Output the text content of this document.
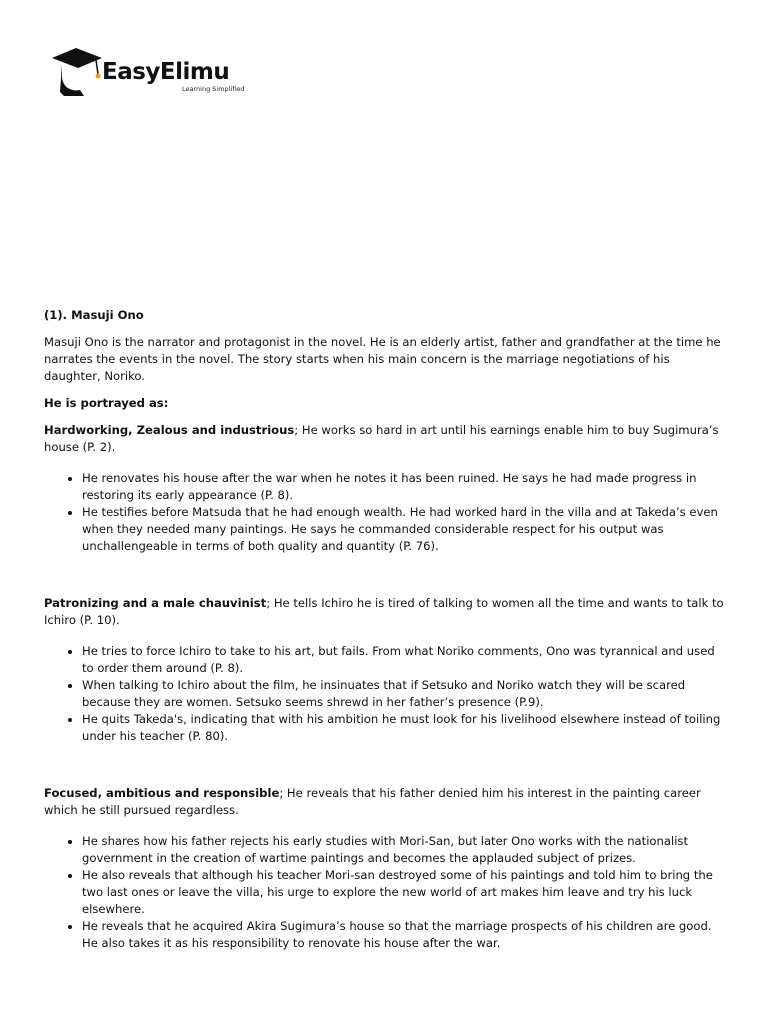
EasyElimu
Learning Simplified
(1). Masuji Ono

Masuji Ono is the narrator and protagonist in the novel. He is an elderly artist, father and grandfather at the time he narrates the events in the novel. The story starts when his main concern is the marriage negotiations of his daughter, Noriko.

He is portrayed as:

Hardworking, Zealous and industrious; He works so hard in art until his earnings enable him to buy Sugimura’s house (P. 2).

• He renovates his house after the war when he notes it has been ruined. He says he had made progress in restoring its early appearance (P. 8).
• He testifies before Matsuda that he had enough wealth. He had worked hard in the villa and at Takeda’s even when they needed many paintings. He says he commanded considerable respect for his output was unchallengeable in terms of both quality and quantity (P. 76).

Patronizing and a male chauvinist; He tells Ichiro he is tired of talking to women all the time and wants to talk to Ichiro (P. 10).

• He tries to force Ichiro to take to his art, but fails. From what Noriko comments, Ono was tyrannical and used to order them around (P. 8).
• When talking to Ichiro about the film, he insinuates that if Setsuko and Noriko watch they will be scared because they are women. Setsuko seems shrewd in her father’s presence (P.9).
• He quits Takeda's, indicating that with his ambition he must look for his livelihood elsewhere instead of toiling under his teacher (P. 80).

Focused, ambitious and responsible; He reveals that his father denied him his interest in the painting career which he still pursued regardless.

• He shares how his father rejects his early studies with Mori-San, but later Ono works with the nationalist government in the creation of wartime paintings and becomes the applauded subject of prizes.
• He also reveals that although his teacher Mori-san destroyed some of his paintings and told him to bring the two last ones or leave the villa, his urge to explore the new world of art makes him leave and try his luck elsewhere.
• He reveals that he acquired Akira Sugimura’s house so that the marriage prospects of his children are good. He also takes it as his responsibility to renovate his house after the war.
